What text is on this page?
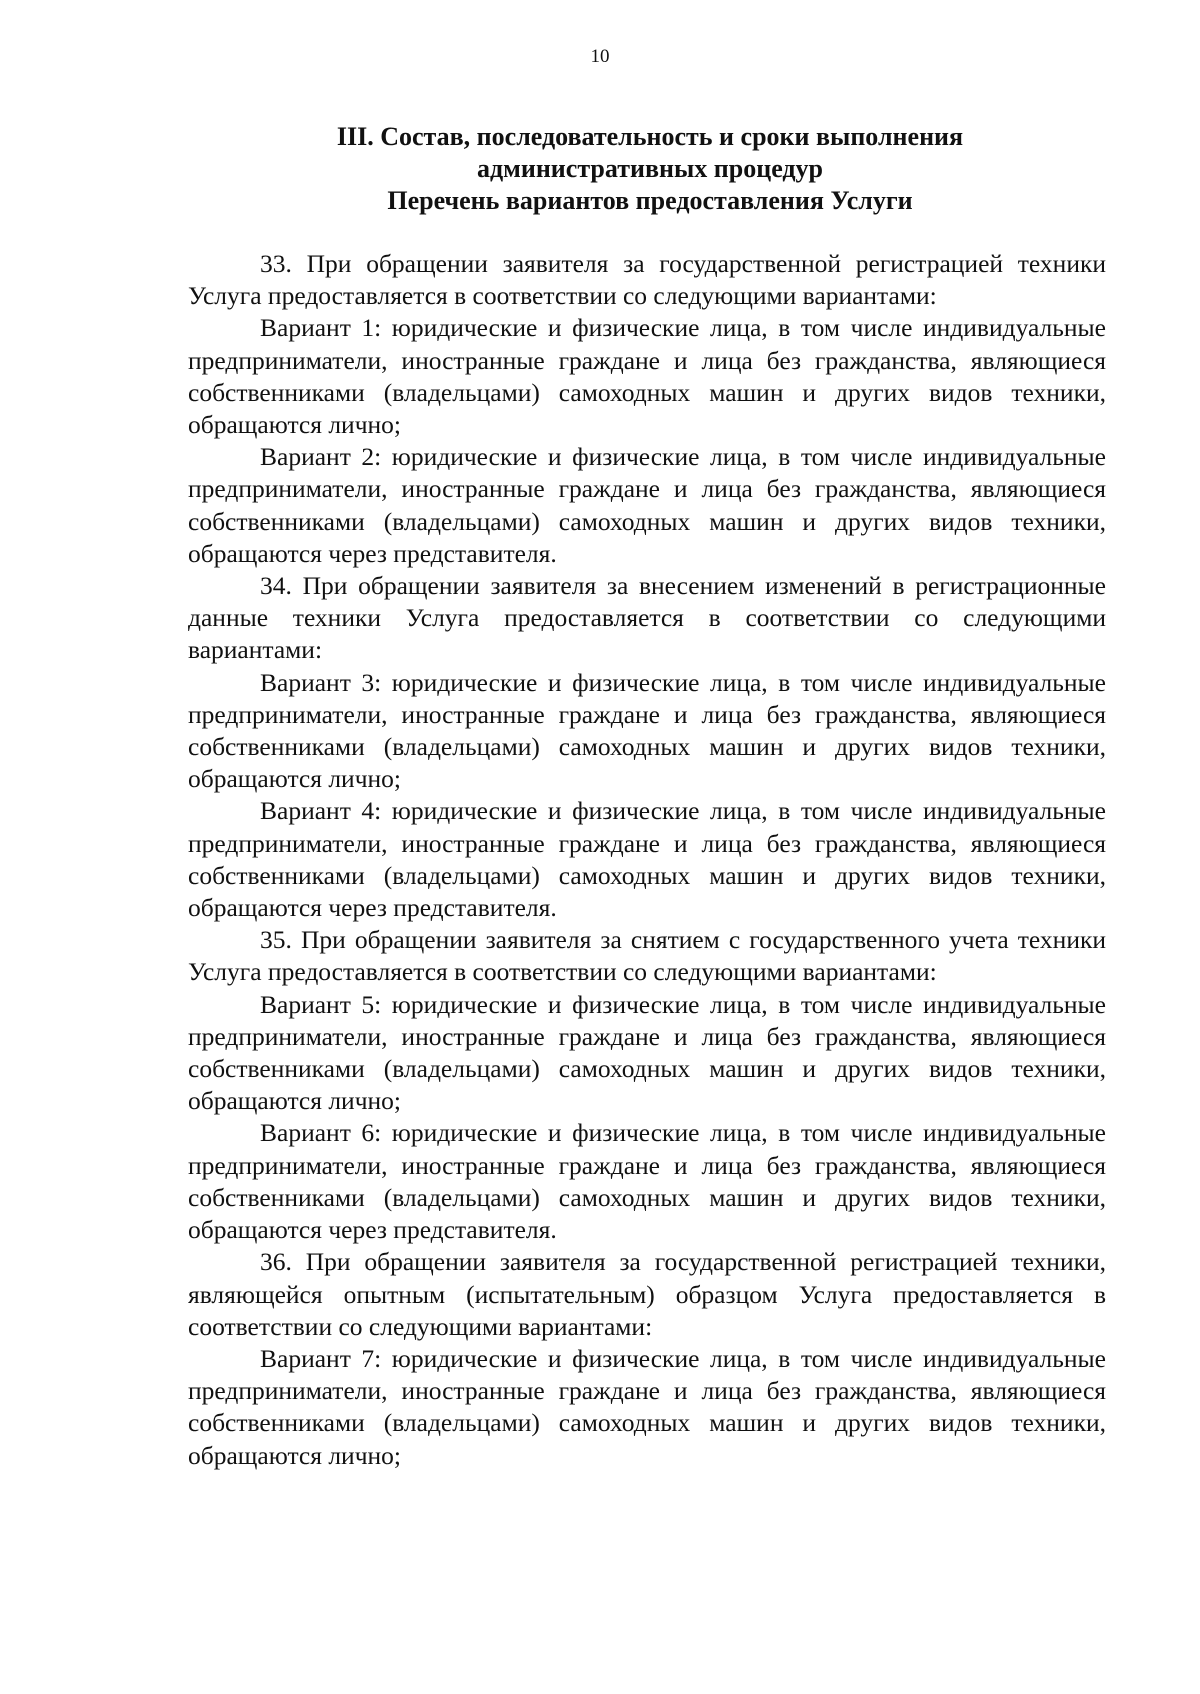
10
III. Состав, последовательность и сроки выполнения
административных процедур
Перечень вариантов предоставления Услуги

33. При обращении заявителя за государственной регистрацией техники Услуга предоставляется в соответствии со следующими вариантами:

Вариант 1: юридические и физические лица, в том числе индивидуальные предприниматели, иностранные граждане и лица без гражданства, являющиеся собственниками (владельцами) самоходных машин и других видов техники, обращаются лично;

Вариант 2: юридические и физические лица, в том числе индивидуальные предприниматели, иностранные граждане и лица без гражданства, являющиеся собственниками (владельцами) самоходных машин и других видов техники, обращаются через представителя.

34. При обращении заявителя за внесением изменений в регистрационные данные техники Услуга предоставляется в соответствии со следующими вариантами:

Вариант 3: юридические и физические лица, в том числе индивидуальные предприниматели, иностранные граждане и лица без гражданства, являющиеся собственниками (владельцами) самоходных машин и других видов техники, обращаются лично;

Вариант 4: юридические и физические лица, в том числе индивидуальные предприниматели, иностранные граждане и лица без гражданства, являющиеся собственниками (владельцами) самоходных машин и других видов техники, обращаются через представителя.

35. При обращении заявителя за снятием с государственного учета техники Услуга предоставляется в соответствии со следующими вариантами:

Вариант 5: юридические и физические лица, в том числе индивидуальные предприниматели, иностранные граждане и лица без гражданства, являющиеся собственниками (владельцами) самоходных машин и других видов техники, обращаются лично;

Вариант 6: юридические и физические лица, в том числе индивидуальные предприниматели, иностранные граждане и лица без гражданства, являющиеся собственниками (владельцами) самоходных машин и других видов техники, обращаются через представителя.

36. При обращении заявителя за государственной регистрацией техники, являющейся опытным (испытательным) образцом Услуга предоставляется в соответствии со следующими вариантами:

Вариант 7: юридические и физические лица, в том числе индивидуальные предприниматели, иностранные граждане и лица без гражданства, являющиеся собственниками (владельцами) самоходных машин и других видов техники, обращаются лично;
